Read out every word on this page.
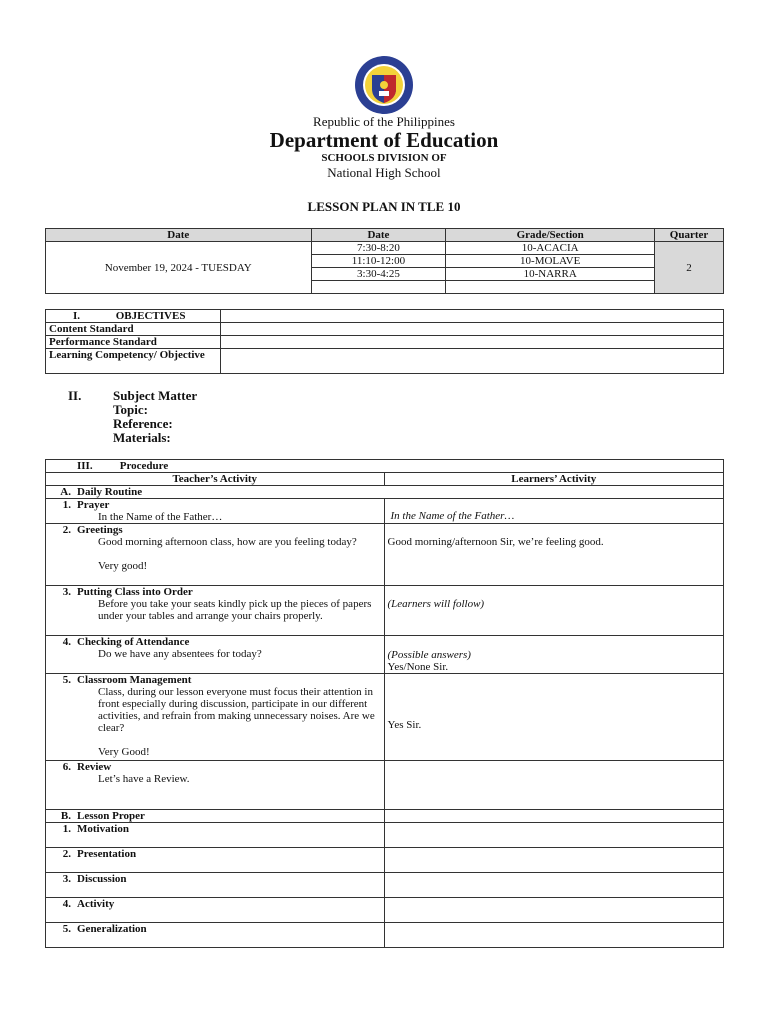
Republic of the Philippines
Department of Education
SCHOOLS DIVISION OF
National High School
LESSON PLAN IN TLE 10
Date	Date	Grade/Section	Quarter
November 19, 2024 - TUESDAY	7:30-8:20	10-ACACIA	2
	11:10-12:00	10-MOLAVE	
	3:30-4:25	10-NARRA	

I. OBJECTIVES	
Content Standard	
Performance Standard	
Learning Competency/ Objective	
II. Subject Matter
Topic:
Reference:
Materials:
III. Procedure	
Teacher’s Activity	Learners’ Activity
A. Daily Routine	
1. Prayer
In the Name of the Father…	In the Name of the Father…

2. Greetings
Good morning afternoon class, how are you feeling today?
Very good!	Good morning/afternoon Sir, we’re feeling good.

3. Putting Class into Order
Before you take your seats kindly pick up the pieces of papers under your tables and arrange your chairs properly.	(Learners will follow)

4. Checking of Attendance
Do we have any absentees for today?	(Possible answers)
Yes/None Sir.

5. Classroom Management
Class, during our lesson everyone must focus their attention in front especially during discussion, participate in our different activities, and refrain from making unnecessary noises. Are we clear?
Very Good!	Yes Sir.

6. Review
Let’s have a Review.	

B. Lesson Proper	
1. Motivation	
2. Presentation	
3. Discussion	
4. Activity	
5. Generalization	
